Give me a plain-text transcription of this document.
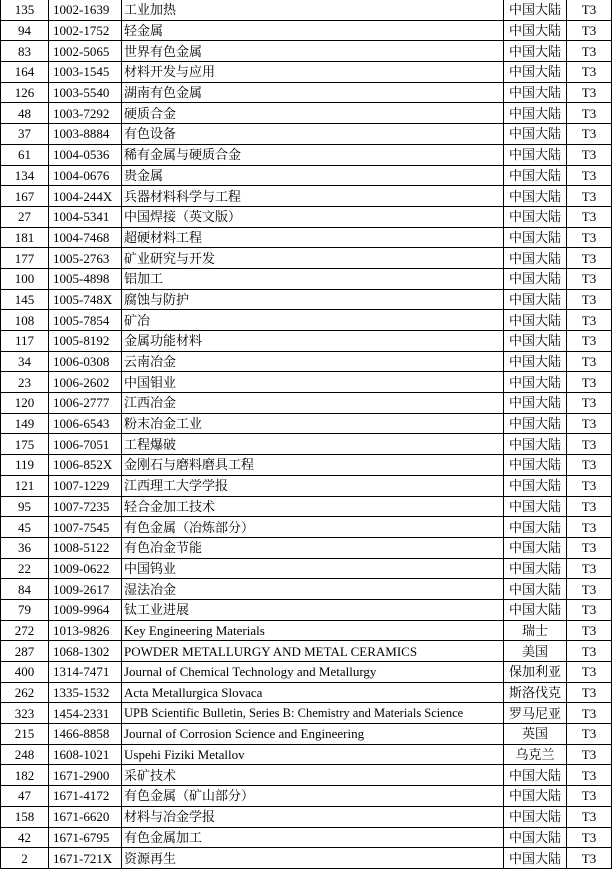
135	1002-1639	工业加热	中国大陆	T3
94	1002-1752	轻金属	中国大陆	T3
83	1002-5065	世界有色金属	中国大陆	T3
164	1003-1545	材料开发与应用	中国大陆	T3
126	1003-5540	湖南有色金属	中国大陆	T3
48	1003-7292	硬质合金	中国大陆	T3
37	1003-8884	有色设备	中国大陆	T3
61	1004-0536	稀有金属与硬质合金	中国大陆	T3
134	1004-0676	贵金属	中国大陆	T3
167	1004-244X	兵器材料科学与工程	中国大陆	T3
27	1004-5341	中国焊接（英文版）	中国大陆	T3
181	1004-7468	超硬材料工程	中国大陆	T3
177	1005-2763	矿业研究与开发	中国大陆	T3
100	1005-4898	铝加工	中国大陆	T3
145	1005-748X	腐蚀与防护	中国大陆	T3
108	1005-7854	矿冶	中国大陆	T3
117	1005-8192	金属功能材料	中国大陆	T3
34	1006-0308	云南冶金	中国大陆	T3
23	1006-2602	中国钼业	中国大陆	T3
120	1006-2777	江西冶金	中国大陆	T3
149	1006-6543	粉末冶金工业	中国大陆	T3
175	1006-7051	工程爆破	中国大陆	T3
119	1006-852X	金刚石与磨料磨具工程	中国大陆	T3
121	1007-1229	江西理工大学学报	中国大陆	T3
95	1007-7235	轻合金加工技术	中国大陆	T3
45	1007-7545	有色金属（冶炼部分）	中国大陆	T3
36	1008-5122	有色冶金节能	中国大陆	T3
22	1009-0622	中国钨业	中国大陆	T3
84	1009-2617	湿法冶金	中国大陆	T3
79	1009-9964	钛工业进展	中国大陆	T3
272	1013-9826	Key Engineering Materials	瑞士	T3
287	1068-1302	POWDER METALLURGY AND METAL CERAMICS	美国	T3
400	1314-7471	Journal of Chemical Technology and Metallurgy	保加利亚	T3
262	1335-1532	Acta Metallurgica Slovaca	斯洛伐克	T3
323	1454-2331	UPB Scientific Bulletin, Series B: Chemistry and Materials Science	罗马尼亚	T3
215	1466-8858	Journal of Corrosion Science and Engineering	英国	T3
248	1608-1021	Uspehi Fiziki Metallov	乌克兰	T3
182	1671-2900	采矿技术	中国大陆	T3
47	1671-4172	有色金属（矿山部分）	中国大陆	T3
158	1671-6620	材料与冶金学报	中国大陆	T3
42	1671-6795	有色金属加工	中国大陆	T3
2	1671-721X	资源再生	中国大陆	T3
